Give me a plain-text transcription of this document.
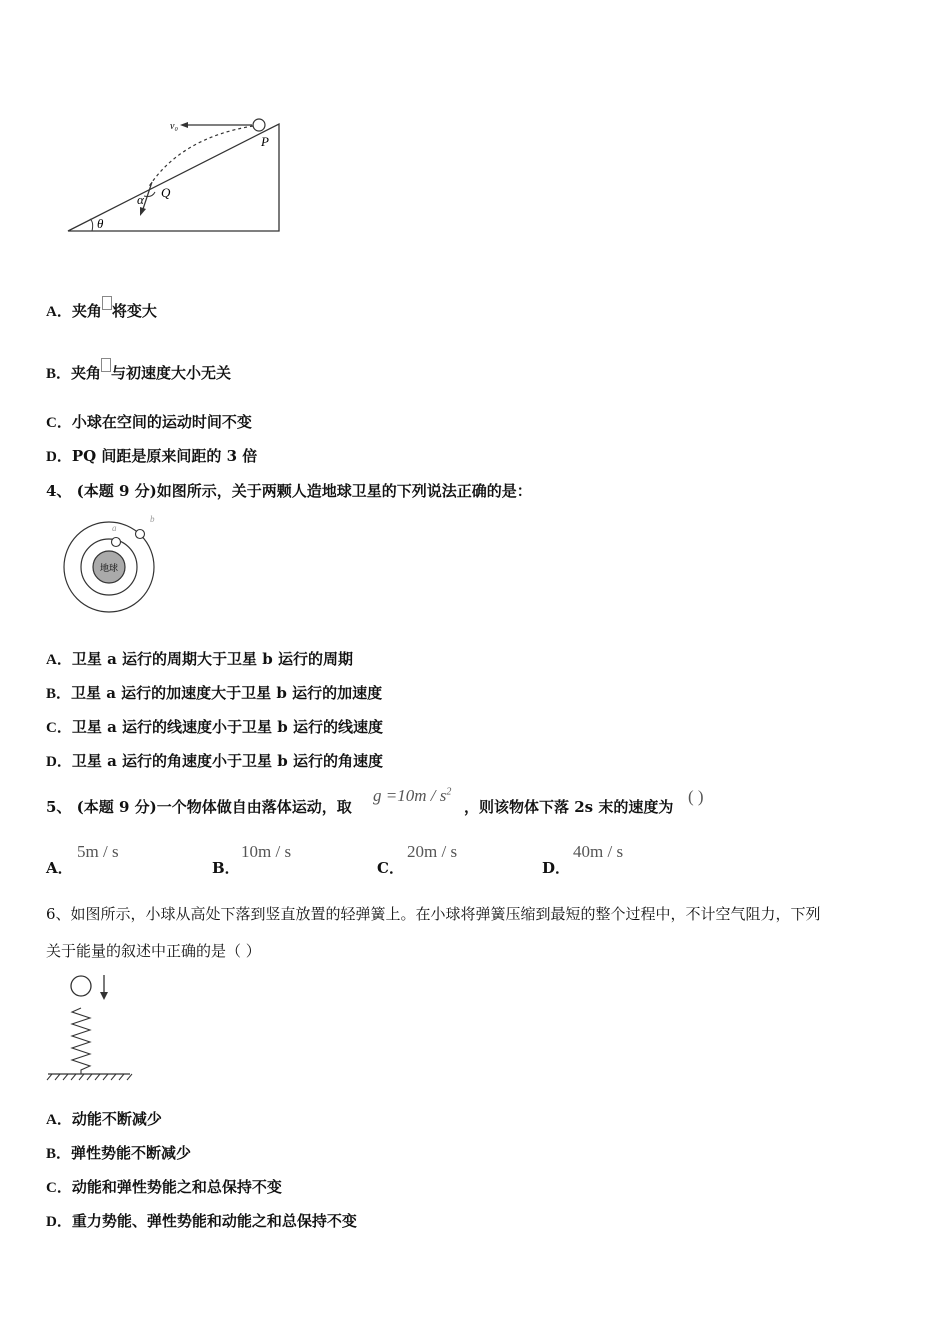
v₀
P
Q
α
θ
A．夹角 将变大
B．夹角 与初速度大小无关
C．小球在空间的运动时间不变
D．PQ 间距是原来间距的 3 倍
4、 (本题 9 分)如图所示，关于两颗人造地球卫星的下列说法正确的是：
地球
a
b
A．卫星 a 运行的周期大于卫星 b 运行的周期
B．卫星 a 运行的加速度大于卫星 b 运行的加速度
C．卫星 a 运行的线速度小于卫星 b 运行的线速度
D．卫星 a 运行的角速度小于卫星 b 运行的角速度
5、 (本题 9 分)一个物体做自由落体运动，取
$g =10m / s^2$
，则该物体下落 2s 末的速度为
( )
A．
5m / s
B．
10m / s
C．
20m / s
D．
40m / s
6、如图所示，小球从高处下落到竖直放置的轻弹簧上。在小球将弹簧压缩到最短的整个过程中，不计空气阻力，下列
关于能量的叙述中正确的是（ ）
A．动能不断减少
B．弹性势能不断减少
C．动能和弹性势能之和总保持不变
D．重力势能、弹性势能和动能之和总保持不变
